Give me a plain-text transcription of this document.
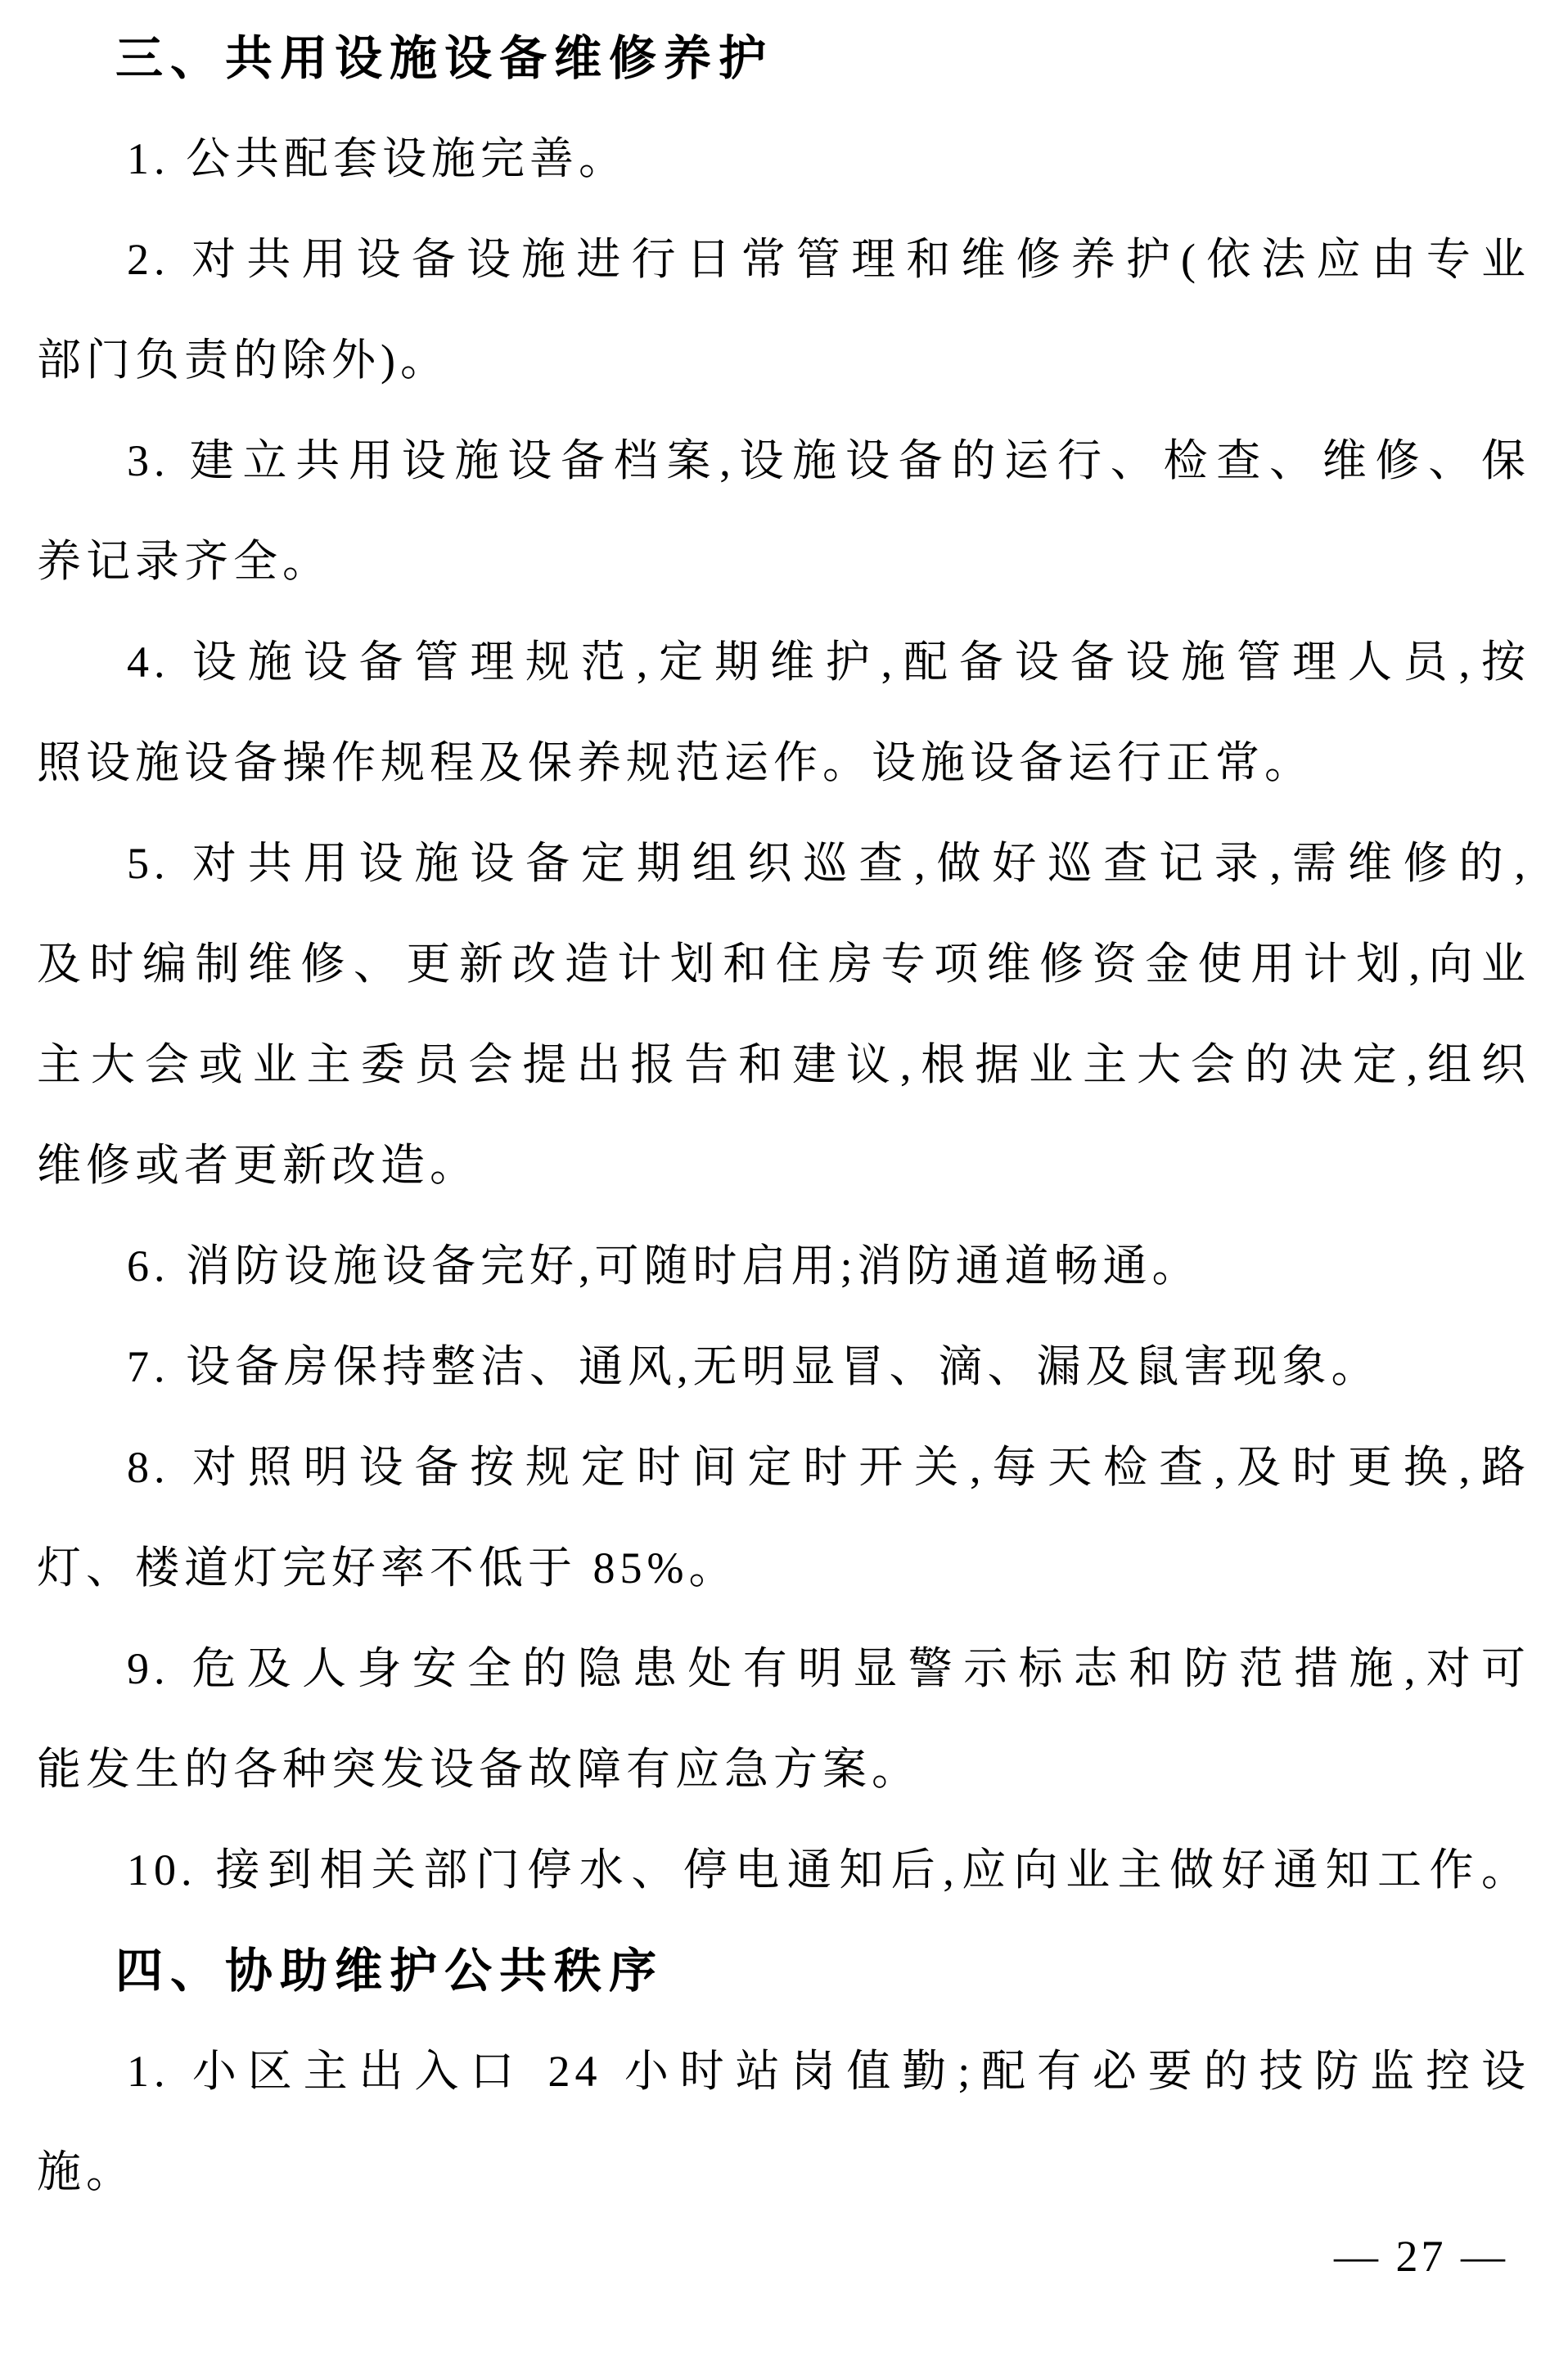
三、共用设施设备维修养护
1. 公共配套设施完善。
2. 对共用设备设施进行日常管理和维修养护(依法应由专业
部门负责的除外)。
3. 建立共用设施设备档案,设施设备的运行、检查、维修、保
养记录齐全。
4. 设施设备管理规范,定期维护,配备设备设施管理人员,按
照设施设备操作规程及保养规范运作。设施设备运行正常。
5. 对共用设施设备定期组织巡查,做好巡查记录,需维修的,
及时编制维修、更新改造计划和住房专项维修资金使用计划,向业
主大会或业主委员会提出报告和建议,根据业主大会的决定,组织
维修或者更新改造。
6. 消防设施设备完好,可随时启用;消防通道畅通。
7. 设备房保持整洁、通风,无明显冒、滴、漏及鼠害现象。
8. 对照明设备按规定时间定时开关,每天检查,及时更换,路
灯、楼道灯完好率不低于 85%。
9. 危及人身安全的隐患处有明显警示标志和防范措施,对可
能发生的各种突发设备故障有应急方案。
10. 接到相关部门停水、停电通知后,应向业主做好通知工作。
四、协助维护公共秩序
1. 小区主出入口 24 小时站岗值勤;配有必要的技防监控设
施。
— 27 —
